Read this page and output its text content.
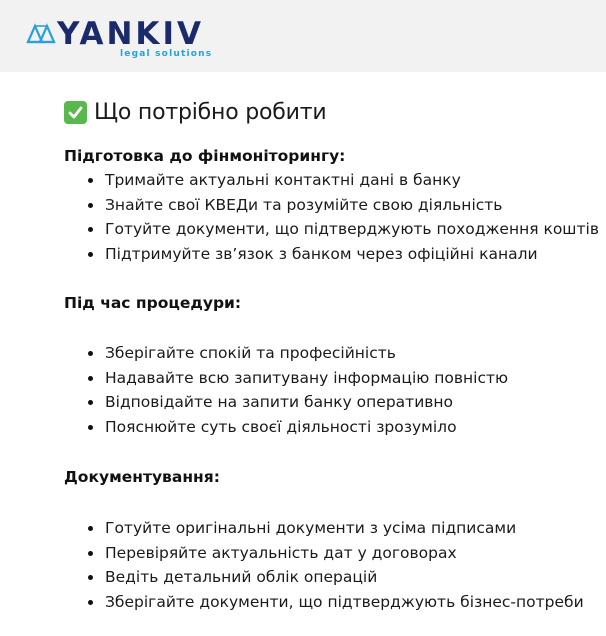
YANKIV
legal solutions
Що потрібно робити
Підготовка до фінмоніторингу:
Тримайте актуальні контактні дані в банку
Знайте свої КВЕДи та розумійте свою діяльність
Готуйте документи, що підтверджують походження коштів
Підтримуйте зв’язок з банком через офіційні канали
Під час процедури:
Зберігайте спокій та професійність
Надавайте всю запитувану інформацію повністю
Відповідайте на запити банку оперативно
Пояснюйте суть своєї діяльності зрозуміло
Документування:
Готуйте оригінальні документи з усіма підписами
Перевіряйте актуальність дат у договорах
Ведіть детальний облік операцій
Зберігайте документи, що підтверджують бізнес-потреби
